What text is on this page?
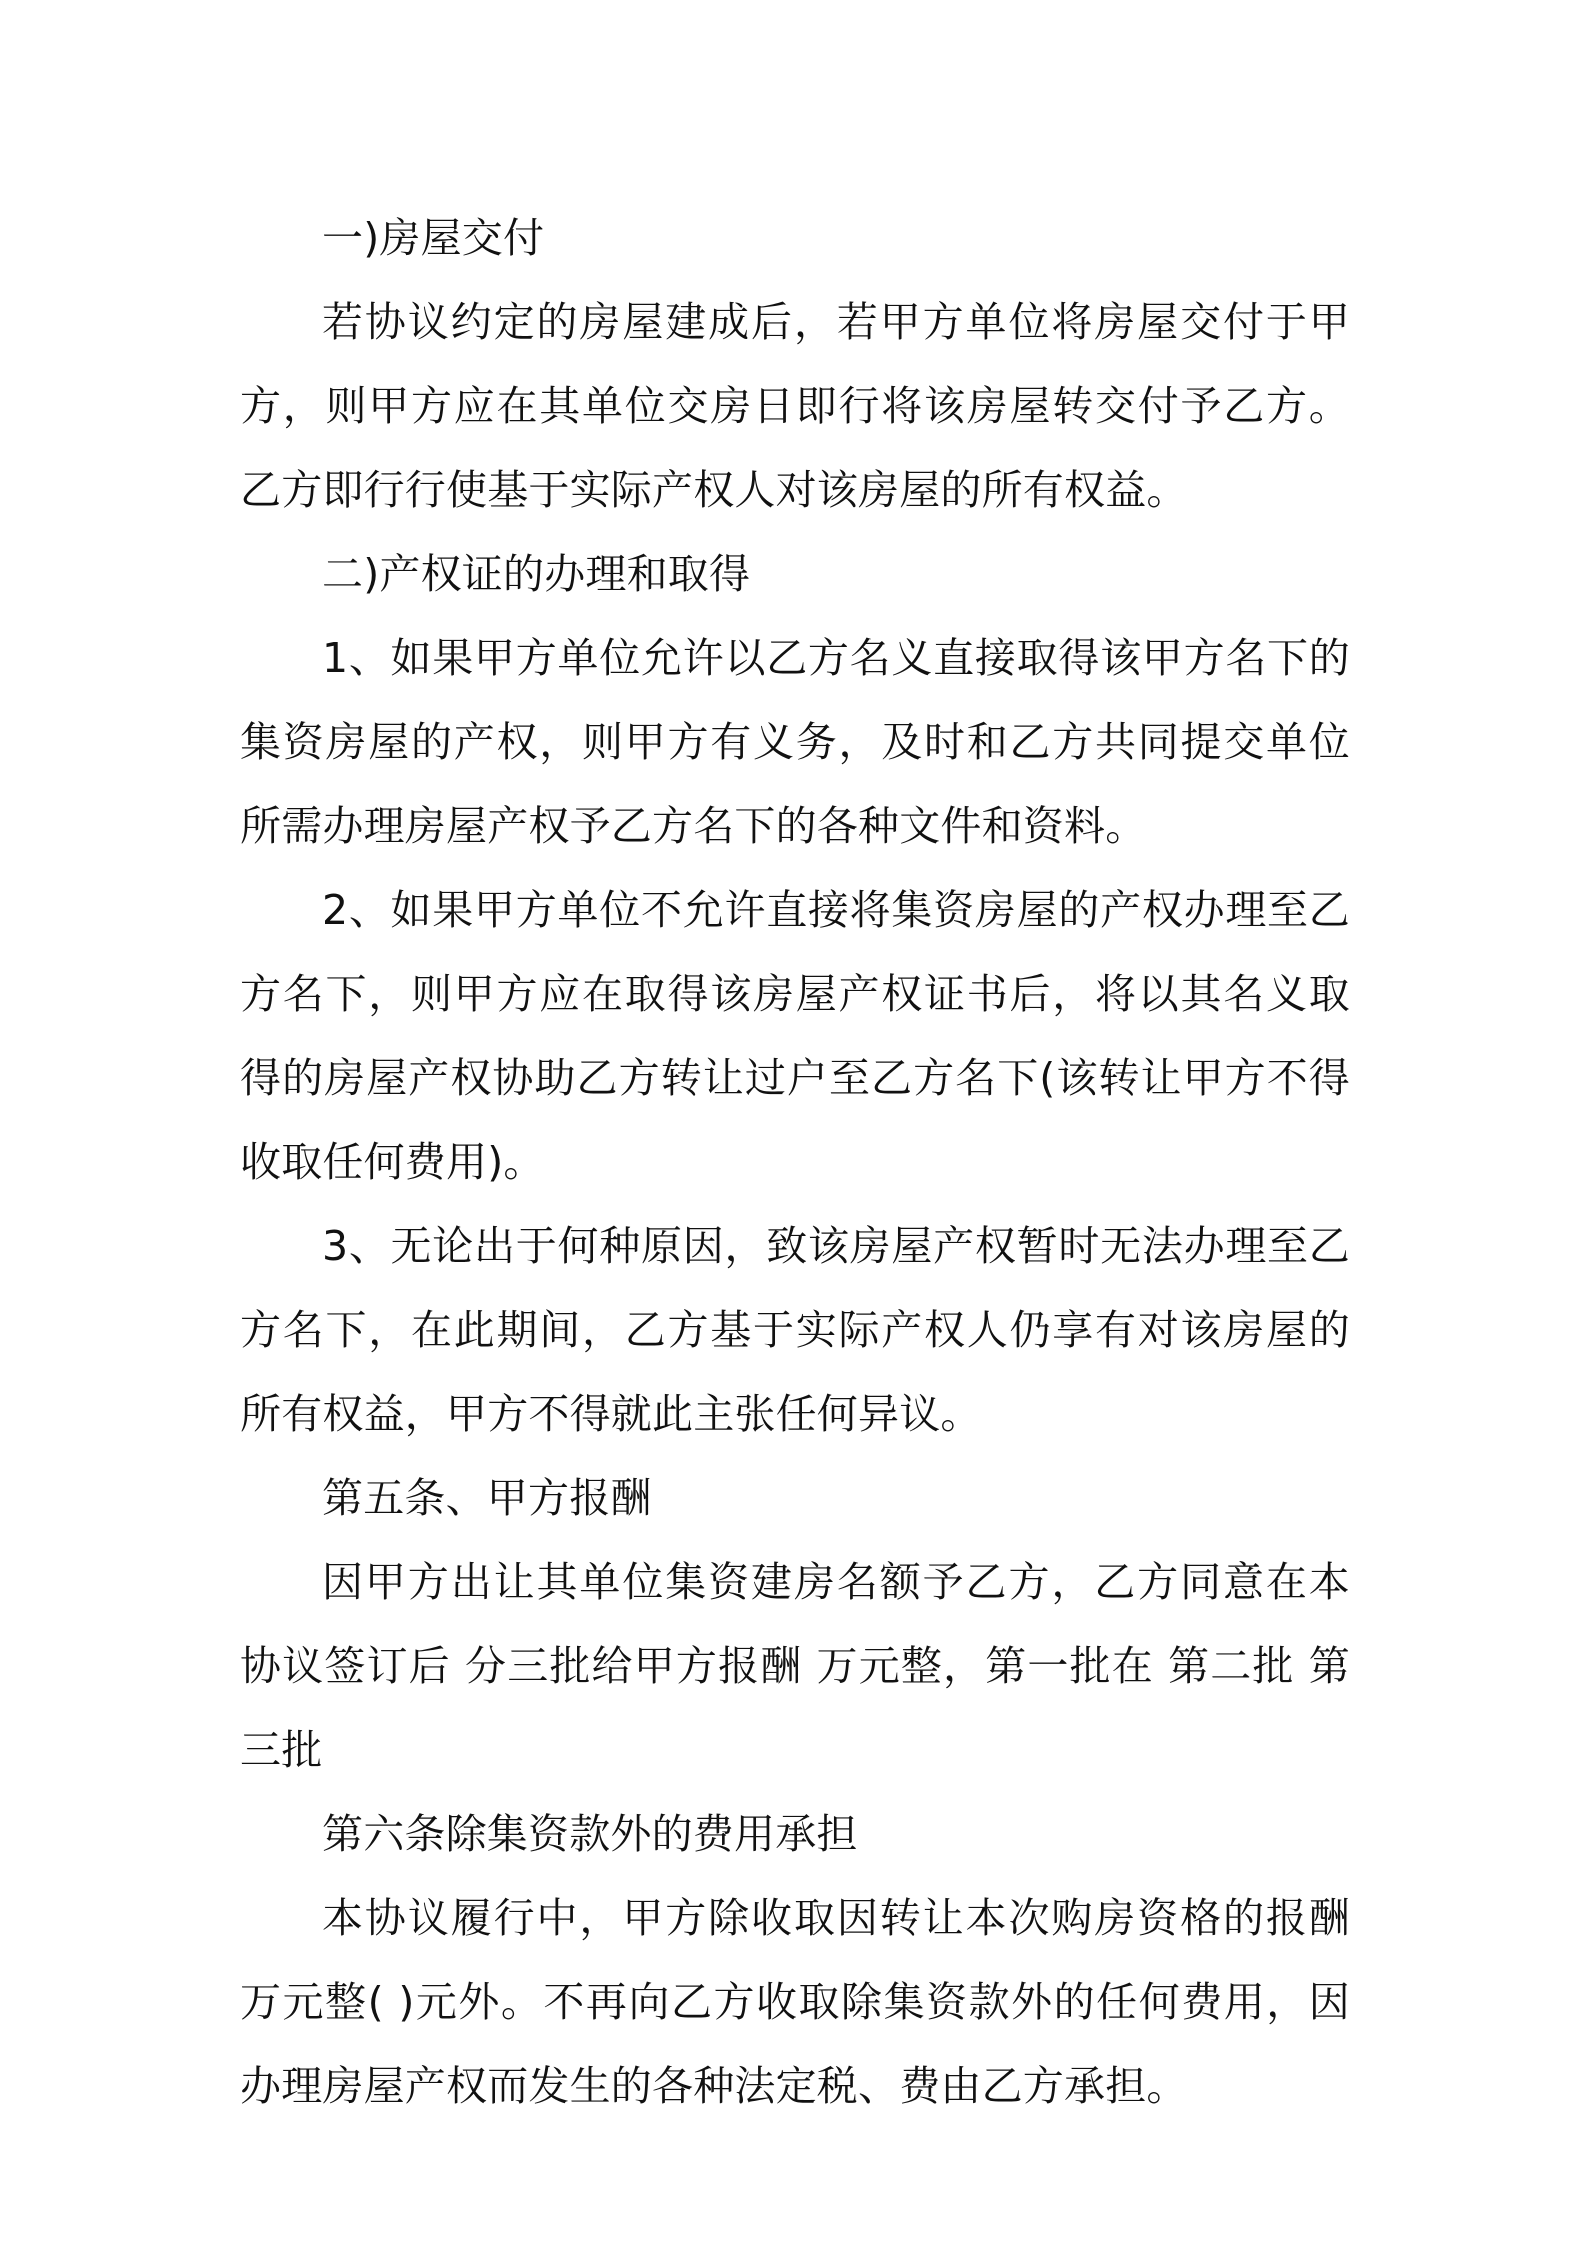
一)房屋交付

若协议约定的房屋建成后，若甲方单位将房屋交付于甲方，则甲方应在其单位交房日即行将该房屋转交付予乙方。乙方即行行使基于实际产权人对该房屋的所有权益。

二)产权证的办理和取得

1、如果甲方单位允许以乙方名义直接取得该甲方名下的集资房屋的产权，则甲方有义务，及时和乙方共同提交单位所需办理房屋产权予乙方名下的各种文件和资料。

2、如果甲方单位不允许直接将集资房屋的产权办理至乙方名下，则甲方应在取得该房屋产权证书后，将以其名义取得的房屋产权协助乙方转让过户至乙方名下(该转让甲方不得收取任何费用)。

3、无论出于何种原因，致该房屋产权暂时无法办理至乙方名下，在此期间，乙方基于实际产权人仍享有对该房屋的所有权益，甲方不得就此主张任何异议。

第五条、甲方报酬

因甲方出让其单位集资建房名额予乙方，乙方同意在本协议签订后 分三批给甲方报酬 万元整，第一批在 第二批 第三批

第六条除集资款外的费用承担

本协议履行中，甲方除收取因转让本次购房资格的报酬 万元整( )元外。不再向乙方收取除集资款外的任何费用，因办理房屋产权而发生的各种法定税、费由乙方承担。
